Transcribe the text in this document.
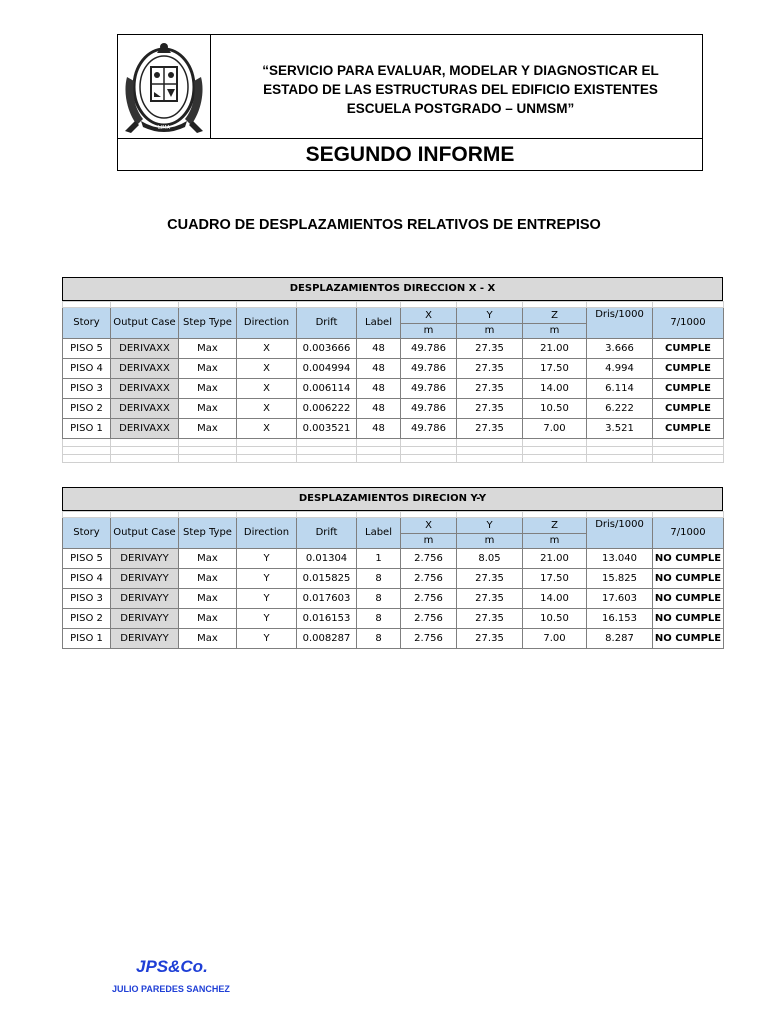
LIMA
“SERVICIO PARA EVALUAR, MODELAR Y DIAGNOSTICAR EL
ESTADO DE LAS ESTRUCTURAS DEL EDIFICIO EXISTENTES
ESCUELA POSTGRADO – UNMSM”
SEGUNDO INFORME
CUADRO DE DESPLAZAMIENTOS RELATIVOS DE ENTREPISO
DESPLAZAMIENTOS DIRECCION X - X

Story	Output Case	Step Type	Direction	Drift	Label	X	Y	Z	Dris/1000	7/1000
						m	m	m		
PISO 5	DERIVAXX	Max	X	0.003666	48	49.786	27.35	21.00	3.666	CUMPLE
PISO 4	DERIVAXX	Max	X	0.004994	48	49.786	27.35	17.50	4.994	CUMPLE
PISO 3	DERIVAXX	Max	X	0.006114	48	49.786	27.35	14.00	6.114	CUMPLE
PISO 2	DERIVAXX	Max	X	0.006222	48	49.786	27.35	10.50	6.222	CUMPLE
PISO 1	DERIVAXX	Max	X	0.003521	48	49.786	27.35	7.00	3.521	CUMPLE

DESPLAZAMIENTOS DIRECION Y-Y

Story	Output Case	Step Type	Direction	Drift	Label	X	Y	Z	Dris/1000	7/1000
						m	m	m		
PISO 5	DERIVAYY	Max	Y	0.01304	1	2.756	8.05	21.00	13.040	NO CUMPLE
PISO 4	DERIVAYY	Max	Y	0.015825	8	2.756	27.35	17.50	15.825	NO CUMPLE
PISO 3	DERIVAYY	Max	Y	0.017603	8	2.756	27.35	14.00	17.603	NO CUMPLE
PISO 2	DERIVAYY	Max	Y	0.016153	8	2.756	27.35	10.50	16.153	NO CUMPLE
PISO 1	DERIVAYY	Max	Y	0.008287	8	2.756	27.35	7.00	8.287	NO CUMPLE
JPS&Co.
JULIO PAREDES SANCHEZ
